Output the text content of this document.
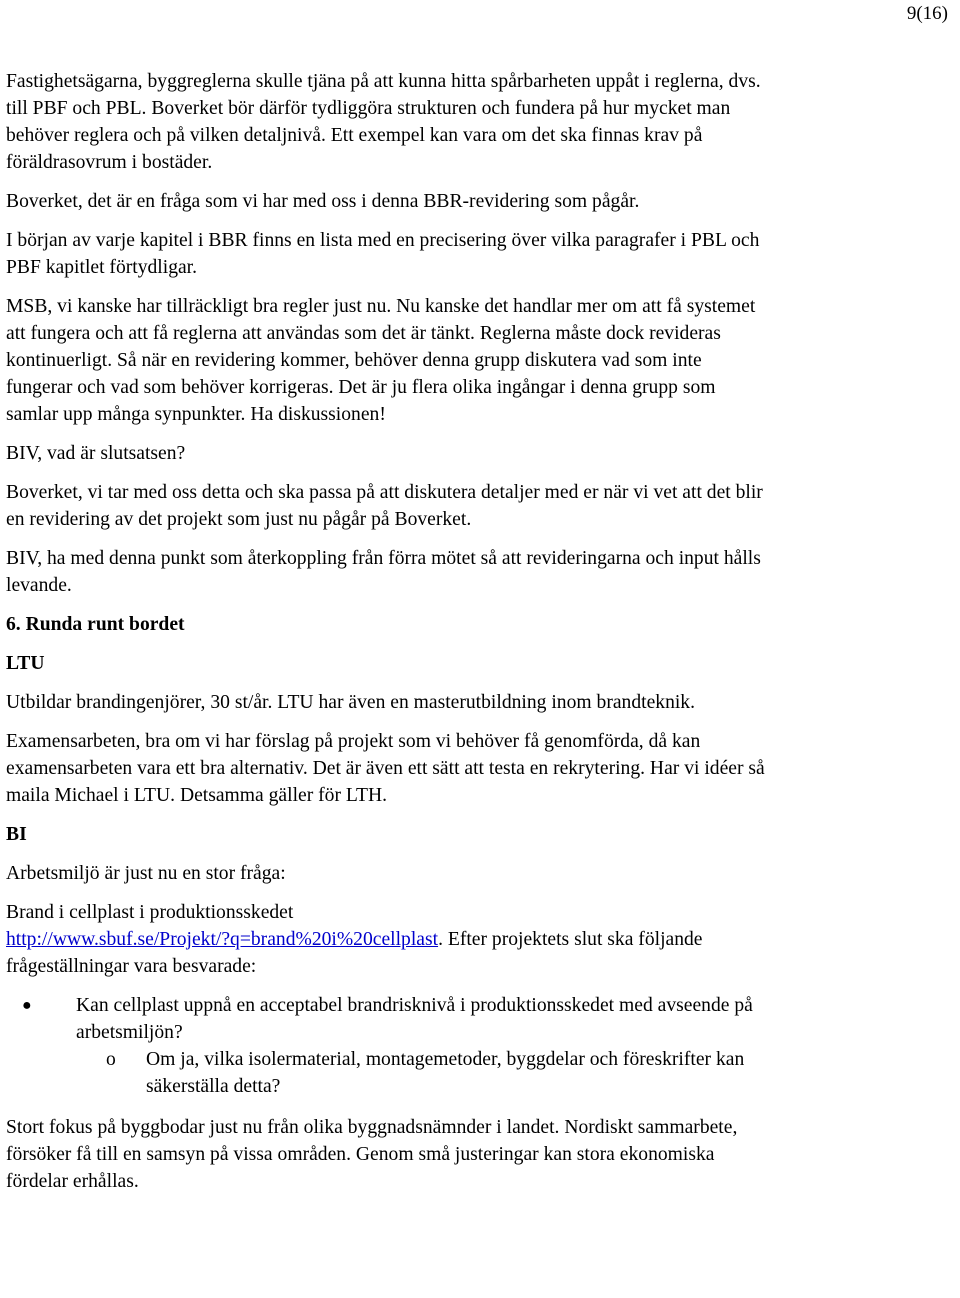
9(16)

Fastighetsägarna, byggreglerna skulle tjäna på att kunna hitta spårbarheten uppåt i reglerna, dvs. till PBF och PBL. Boverket bör därför tydliggöra strukturen och fundera på hur mycket man behöver reglera och på vilken detaljnivå. Ett exempel kan vara om det ska finnas krav på föräldrasovrum i bostäder.

Boverket, det är en fråga som vi har med oss i denna BBR-revidering som pågår.

I början av varje kapitel i BBR finns en lista med en precisering över vilka paragrafer i PBL och PBF kapitlet förtydligar.

MSB, vi kanske har tillräckligt bra regler just nu. Nu kanske det handlar mer om att få systemet att fungera och att få reglerna att användas som det är tänkt. Reglerna måste dock revideras kontinuerligt. Så när en revidering kommer, behöver denna grupp diskutera vad som inte fungerar och vad som behöver korrigeras. Det är ju flera olika ingångar i denna grupp som samlar upp många synpunkter. Ha diskussionen!

BIV, vad är slutsatsen?

Boverket, vi tar med oss detta och ska passa på att diskutera detaljer med er när vi vet att det blir en revidering av det projekt som just nu pågår på Boverket.

BIV, ha med denna punkt som återkoppling från förra mötet så att revideringarna och input hålls levande.

6. Runda runt bordet
LTU

Utbildar brandingenjörer, 30 st/år. LTU har även en masterutbildning inom brandteknik.

Examensarbeten, bra om vi har förslag på projekt som vi behöver få genomförda, då kan examensarbeten vara ett bra alternativ. Det är även ett sätt att testa en rekrytering. Har vi idéer så maila Michael i LTU. Detsamma gäller för LTH.

BI

Arbetsmiljö är just nu en stor fråga:

Brand i cellplast i produktionsskedet
http://www.sbuf.se/Projekt/?q=brand%20i%20cellplast. Efter projektets slut ska följande frågeställningar vara besvarade:

● Kan cellplast uppnå en acceptabel brandrisknivå i produktionsskedet med avseende på arbetsmiljön?
o Om ja, vilka isolermaterial, montagemetoder, byggdelar och föreskrifter kan säkerställa detta?

Stort fokus på byggbodar just nu från olika byggnadsnämnder i landet. Nordiskt sammarbete, försöker få till en samsyn på vissa områden. Genom små justeringar kan stora ekonomiska fördelar erhållas.
